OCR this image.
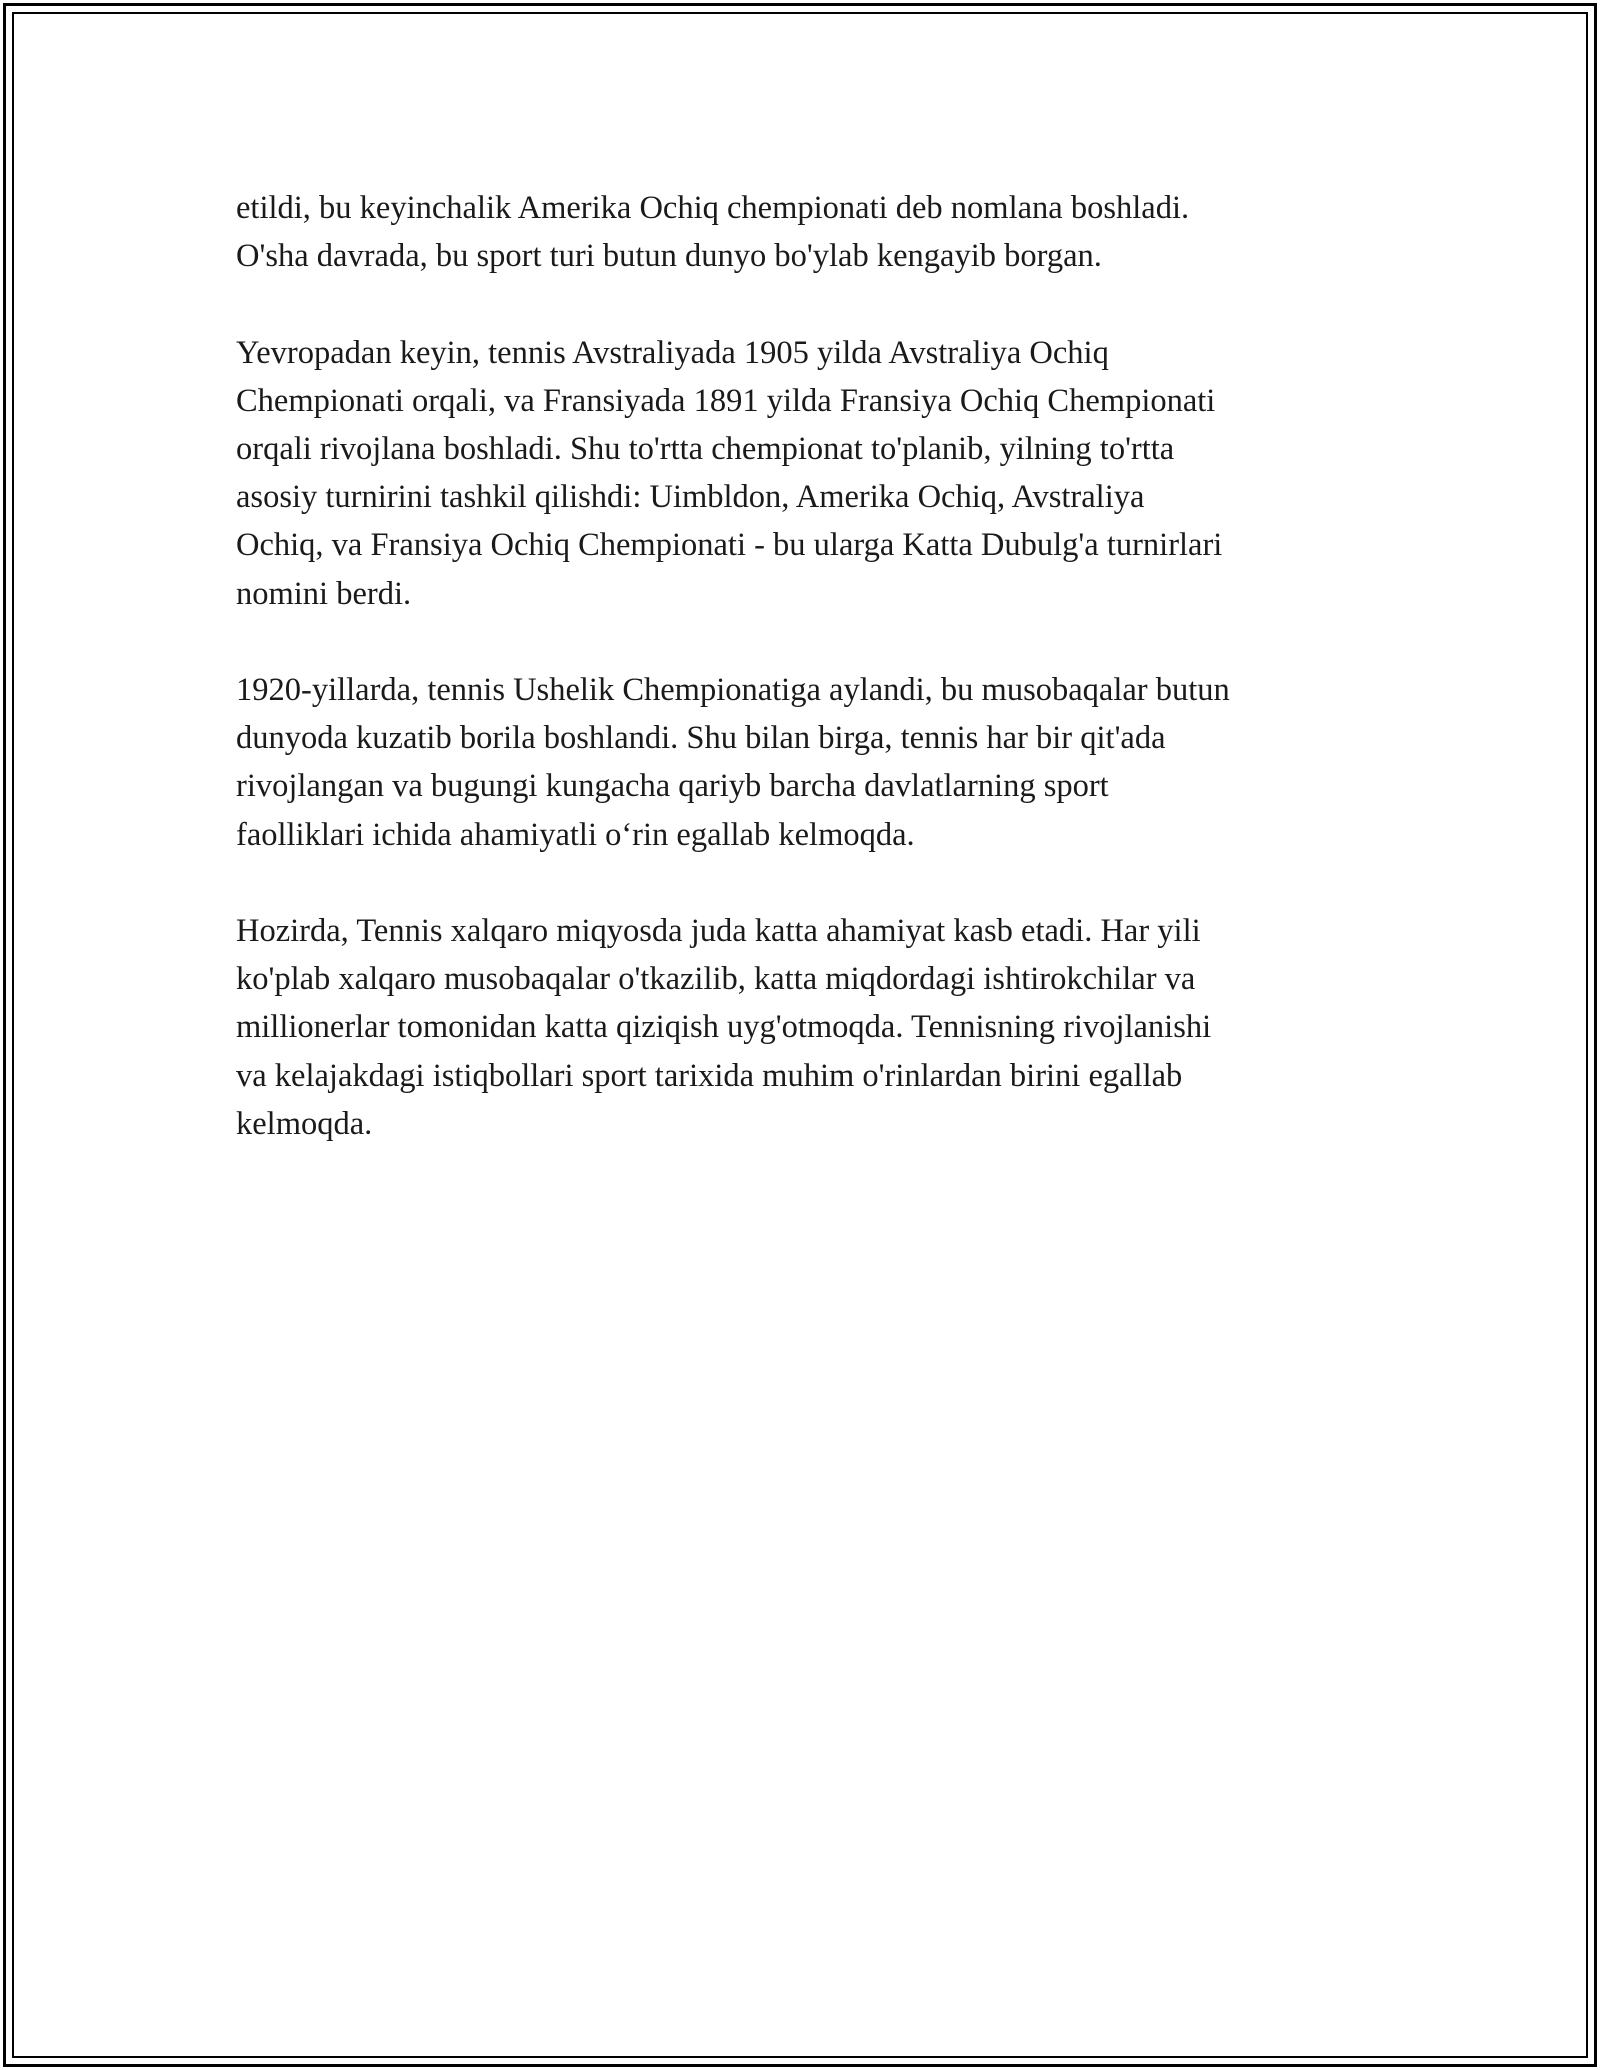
etildi, bu keyinchalik Amerika Ochiq chempionati deb nomlana boshladi.
O'sha davrada, bu sport turi butun dunyo bo'ylab kengayib borgan.

Yevropadan keyin, tennis Avstraliyada 1905 yilda Avstraliya Ochiq
Chempionati orqali, va Fransiyada 1891 yilda Fransiya Ochiq Chempionati
orqali rivojlana boshladi. Shu to'rtta chempionat to'planib, yilning to'rtta
asosiy turnirini tashkil qilishdi: Uimbldon, Amerika Ochiq, Avstraliya
Ochiq, va Fransiya Ochiq Chempionati - bu ularga Katta Dubulg'a turnirlari
nomini berdi.

1920-yillarda, tennis Ushelik Chempionatiga aylandi, bu musobaqalar butun
dunyoda kuzatib borila boshlandi. Shu bilan birga, tennis har bir qit'ada
rivojlangan va bugungi kungacha qariyb barcha davlatlarning sport
faolliklari ichida ahamiyatli o‘rin egallab kelmoqda.

Hozirda, Tennis xalqaro miqyosda juda katta ahamiyat kasb etadi. Har yili
ko'plab xalqaro musobaqalar o'tkazilib, katta miqdordagi ishtirokchilar va
millionerlar tomonidan katta qiziqish uyg'otmoqda. Tennisning rivojlanishi
va kelajakdagi istiqbollari sport tarixida muhim o'rinlardan birini egallab
kelmoqda.
